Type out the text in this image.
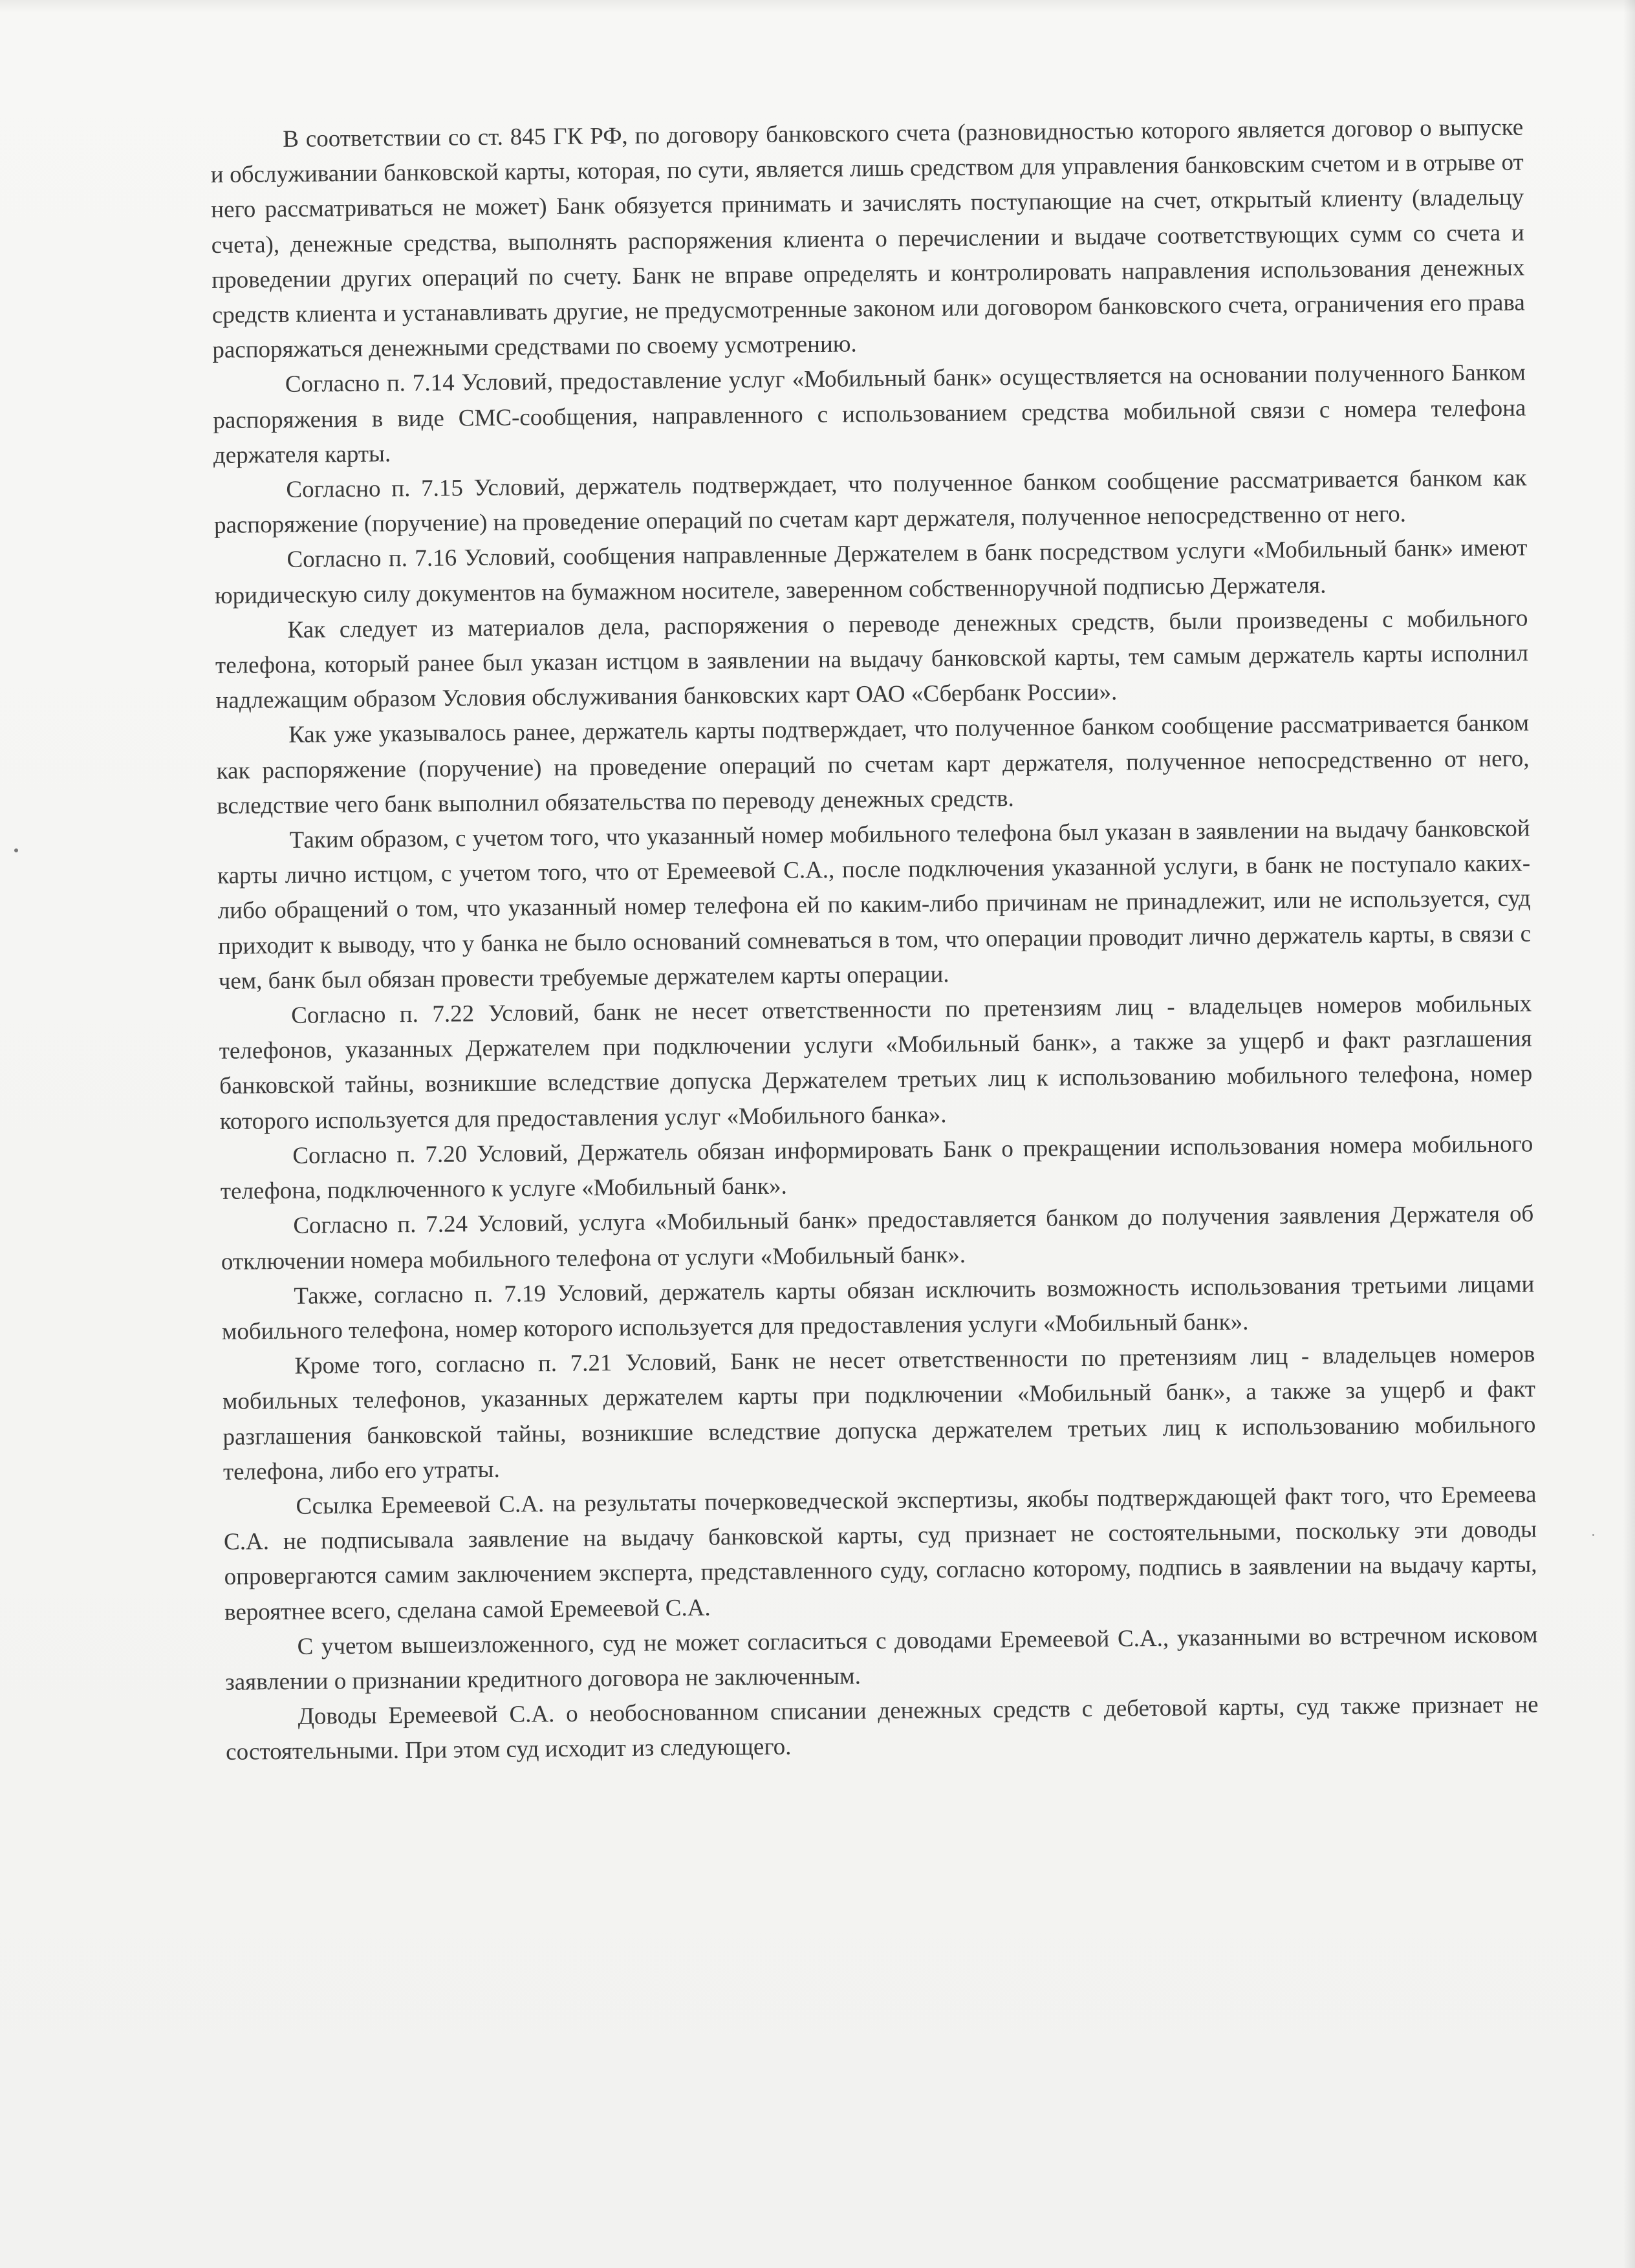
В соответствии со ст. 845 ГК РФ, по договору банковского счета (разновидностью которого является договор о выпуске и обслуживании банковской карты, которая, по сути, является лишь средством для управления банковским счетом и в отрыве от него рассматриваться не может) Банк обязуется принимать и зачислять поступающие на счет, открытый клиенту (владельцу счета), денежные средства, выполнять распоряжения клиента о перечислении и выдаче соответствующих сумм со счета и проведении других операций по счету. Банк не вправе определять и контролировать направления использования денежных средств клиента и устанавливать другие, не предусмотренные законом или договором банковского счета, ограничения его права распоряжаться денежными средствами по своему усмотрению.

Согласно п. 7.14 Условий, предоставление услуг «Мобильный банк» осуществляется на основании полученного Банком распоряжения в виде СМС-сообщения, направленного с использованием средства мобильной связи с номера телефона держателя карты.

Согласно п. 7.15 Условий, держатель подтверждает, что полученное банком сообщение рассматривается банком как распоряжение (поручение) на проведение операций по счетам карт держателя, полученное непосредственно от него.

Согласно п. 7.16 Условий, сообщения направленные Держателем в банк посредством услуги «Мобильный банк» имеют юридическую силу документов на бумажном носителе, заверенном собственноручной подписью Держателя.

Как следует из материалов дела, распоряжения о переводе денежных средств, были произведены с мобильного телефона, который ранее был указан истцом в заявлении на выдачу банковской карты, тем самым держатель карты исполнил надлежащим образом Условия обслуживания банковских карт ОАО «Сбербанк России».

Как уже указывалось ранее, держатель карты подтверждает, что полученное банком сообщение рассматривается банком как распоряжение (поручение) на проведение операций по счетам карт держателя, полученное непосредственно от него, вследствие чего банк выполнил обязательства по переводу денежных средств.

Таким образом, с учетом того, что указанный номер мобильного телефона был указан в заявлении на выдачу банковской карты лично истцом, с учетом того, что от Еремеевой С.А., после подключения указанной услуги, в банк не поступало каких-либо обращений о том, что указанный номер телефона ей по каким-либо причинам не принадлежит, или не используется, суд приходит к выводу, что у банка не было оснований сомневаться в том, что операции проводит лично держатель карты, в связи с чем, банк был обязан провести требуемые держателем карты операции.

Согласно п. 7.22 Условий, банк не несет ответственности по претензиям лиц - владельцев номеров мобильных телефонов, указанных Держателем при подключении услуги «Мобильный банк», а также за ущерб и факт разглашения банковской тайны, возникшие вследствие допуска Держателем третьих лиц к использованию мобильного телефона, номер которого используется для предоставления услуг «Мобильного банка».

Согласно п. 7.20 Условий, Держатель обязан информировать Банк о прекращении использования номера мобильного телефона, подключенного к услуге «Мобильный банк».

Согласно п. 7.24 Условий, услуга «Мобильный банк» предоставляется банком до получения заявления Держателя об отключении номера мобильного телефона от услуги «Мобильный банк».

Также, согласно п. 7.19 Условий, держатель карты обязан исключить возможность использования третьими лицами мобильного телефона, номер которого используется для предоставления услуги «Мобильный банк».

Кроме того, согласно п. 7.21 Условий, Банк не несет ответственности по претензиям лиц - владельцев номеров мобильных телефонов, указанных держателем карты при подключении «Мобильный банк», а также за ущерб и факт разглашения банковской тайны, возникшие вследствие допуска держателем третьих лиц к использованию мобильного телефона, либо его утраты.

Ссылка Еремеевой С.А. на результаты почерковедческой экспертизы, якобы подтверждающей факт того, что Еремеева С.А. не подписывала заявление на выдачу банковской карты, суд признает не состоятельными, поскольку эти доводы опровергаются самим заключением эксперта, представленного суду, согласно которому, подпись в заявлении на выдачу карты, вероятнее всего, сделана самой Еремеевой С.А.

С учетом вышеизложенного, суд не может согласиться с доводами Еремеевой С.А., указанными во встречном исковом заявлении о признании кредитного договора не заключенным.

Доводы Еремеевой С.А. о необоснованном списании денежных средств с дебетовой карты, суд также признает не состоятельными. При этом суд исходит из следующего.
